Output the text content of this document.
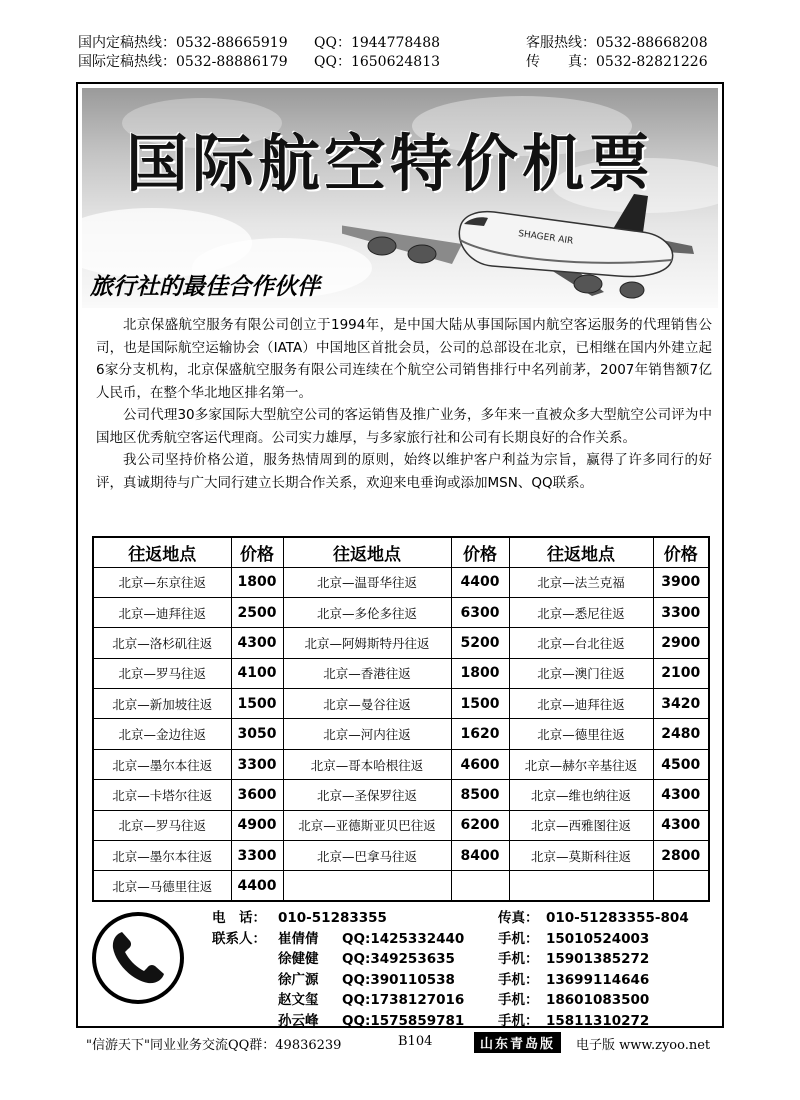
国内定稿热线：0532-88665919 QQ：1944778488	客服热线：0532-88668208
国际定稿热线：0532-88886179 QQ：1650624813	传　　真：0532-82821226
国际航空特价机票
SHAGER AIR
旅行社的最佳合作伙伴

北京保盛航空服务有限公司创立于1994年，是中国大陆从事国际国内航空客运服务的代理销售公司，也是国际航空运输协会（IATA）中国地区首批会员，公司的总部设在北京，已相继在国内外建立起6家分支机构，北京保盛航空服务有限公司连续在个航空公司销售排行中名列前茅，2007年销售额7亿人民币，在整个华北地区排名第一。

公司代理30多家国际大型航空公司的客运销售及推广业务，多年来一直被众多大型航空公司评为中国地区优秀航空客运代理商。公司实力雄厚，与多家旅行社和公司有长期良好的合作关系。

我公司坚持价格公道，服务热情周到的原则，始终以维护客户利益为宗旨，赢得了许多同行的好评，真诚期待与广大同行建立长期合作关系，欢迎来电垂询或添加MSN、QQ联系。

往返地点	价格	往返地点	价格	往返地点	价格
北京—东京往返	1800	北京—温哥华往返	4400	北京—法兰克福	3900
北京—迪拜往返	2500	北京—多伦多往返	6300	北京—悉尼往返	3300
北京—洛杉矶往返	4300	北京—阿姆斯特丹往返	5200	北京—台北往返	2900
北京—罗马往返	4100	北京—香港往返	1800	北京—澳门往返	2100
北京—新加坡往返	1500	北京—曼谷往返	1500	北京—迪拜往返	3420
北京—金边往返	3050	北京—河内往返	1620	北京—德里往返	2480
北京—墨尔本往返	3300	北京—哥本哈根往返	4600	北京—赫尔辛基往返	4500
北京—卡塔尔往返	3600	北京—圣保罗往返	8500	北京—维也纳往返	4300
北京—罗马往返	4900	北京—亚德斯亚贝巴往返	6200	北京—西雅图往返	4300
北京—墨尔本往返	3300	北京—巴拿马往返	8400	北京—莫斯科往返	2800
北京—马德里往返	4400				
电　话： 010-51283355	传真： 010-51283355-804
联系人： 崔倩倩 QQ:1425332440 手机： 15010524003
徐健健 QQ:349253635	手机： 15901385272
徐广源 QQ:390110538	手机： 13699114646
赵文玺 QQ:1738127016 手机： 18601083500
孙云峰 QQ:1575859781 手机： 15811310272
"信游天下"同业业务交流QQ群：49836239	B104	山东青岛版	电子版 www.zyoo.net
